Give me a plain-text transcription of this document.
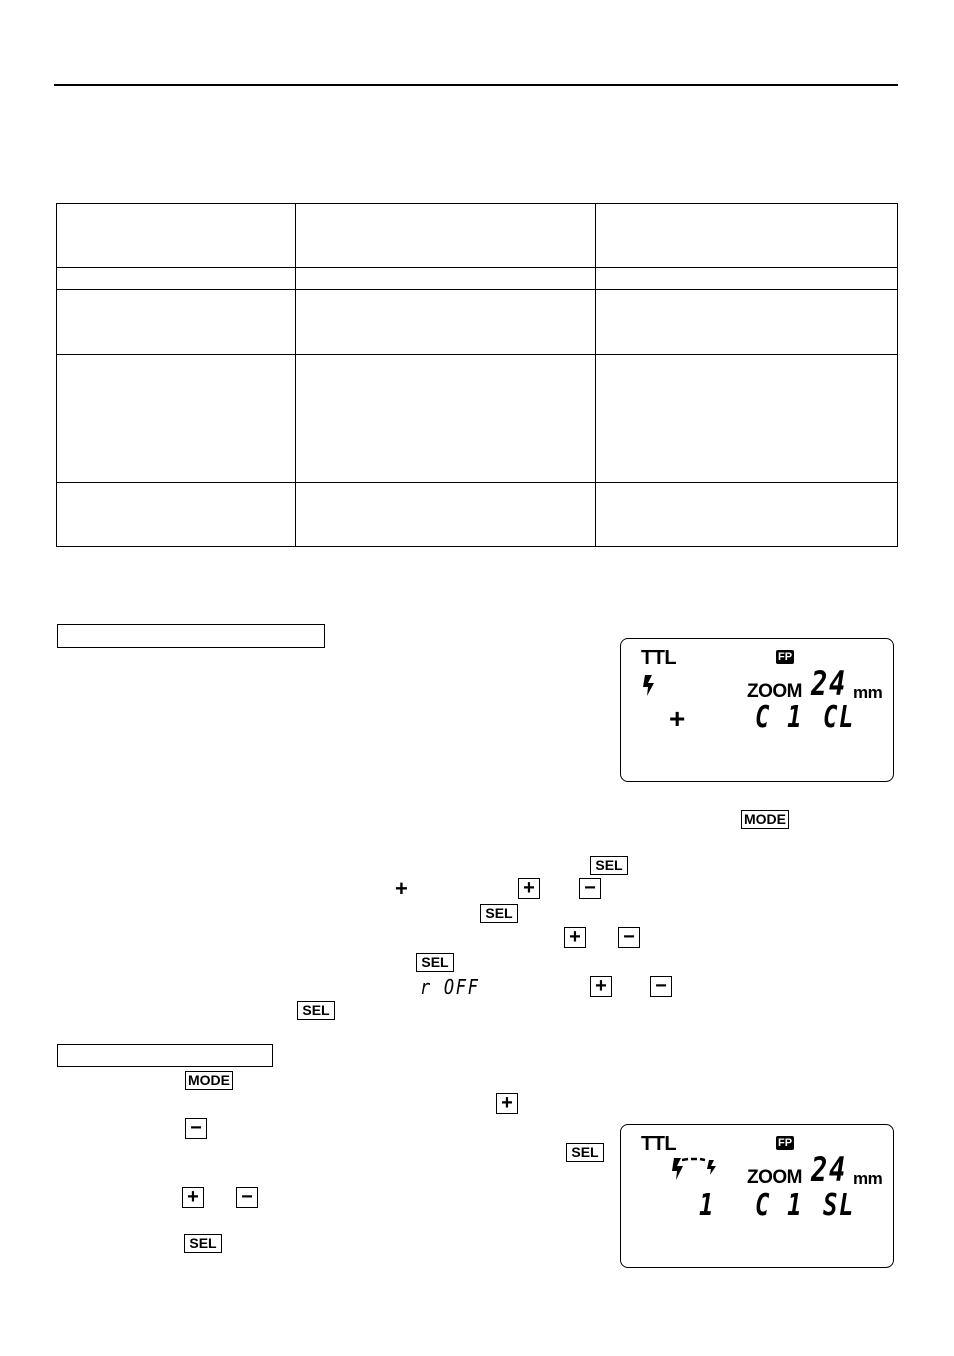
TTL	FP
ZOOM 24 mm
+ C 1 CL
MODE
SEL
+	+ −
SEL
+ −
SEL
r OFF	+ −
SEL
MODE
+
−
SEL
+ −
SEL
TTL	FP
ZOOM 24 mm
1 C 1 SL
